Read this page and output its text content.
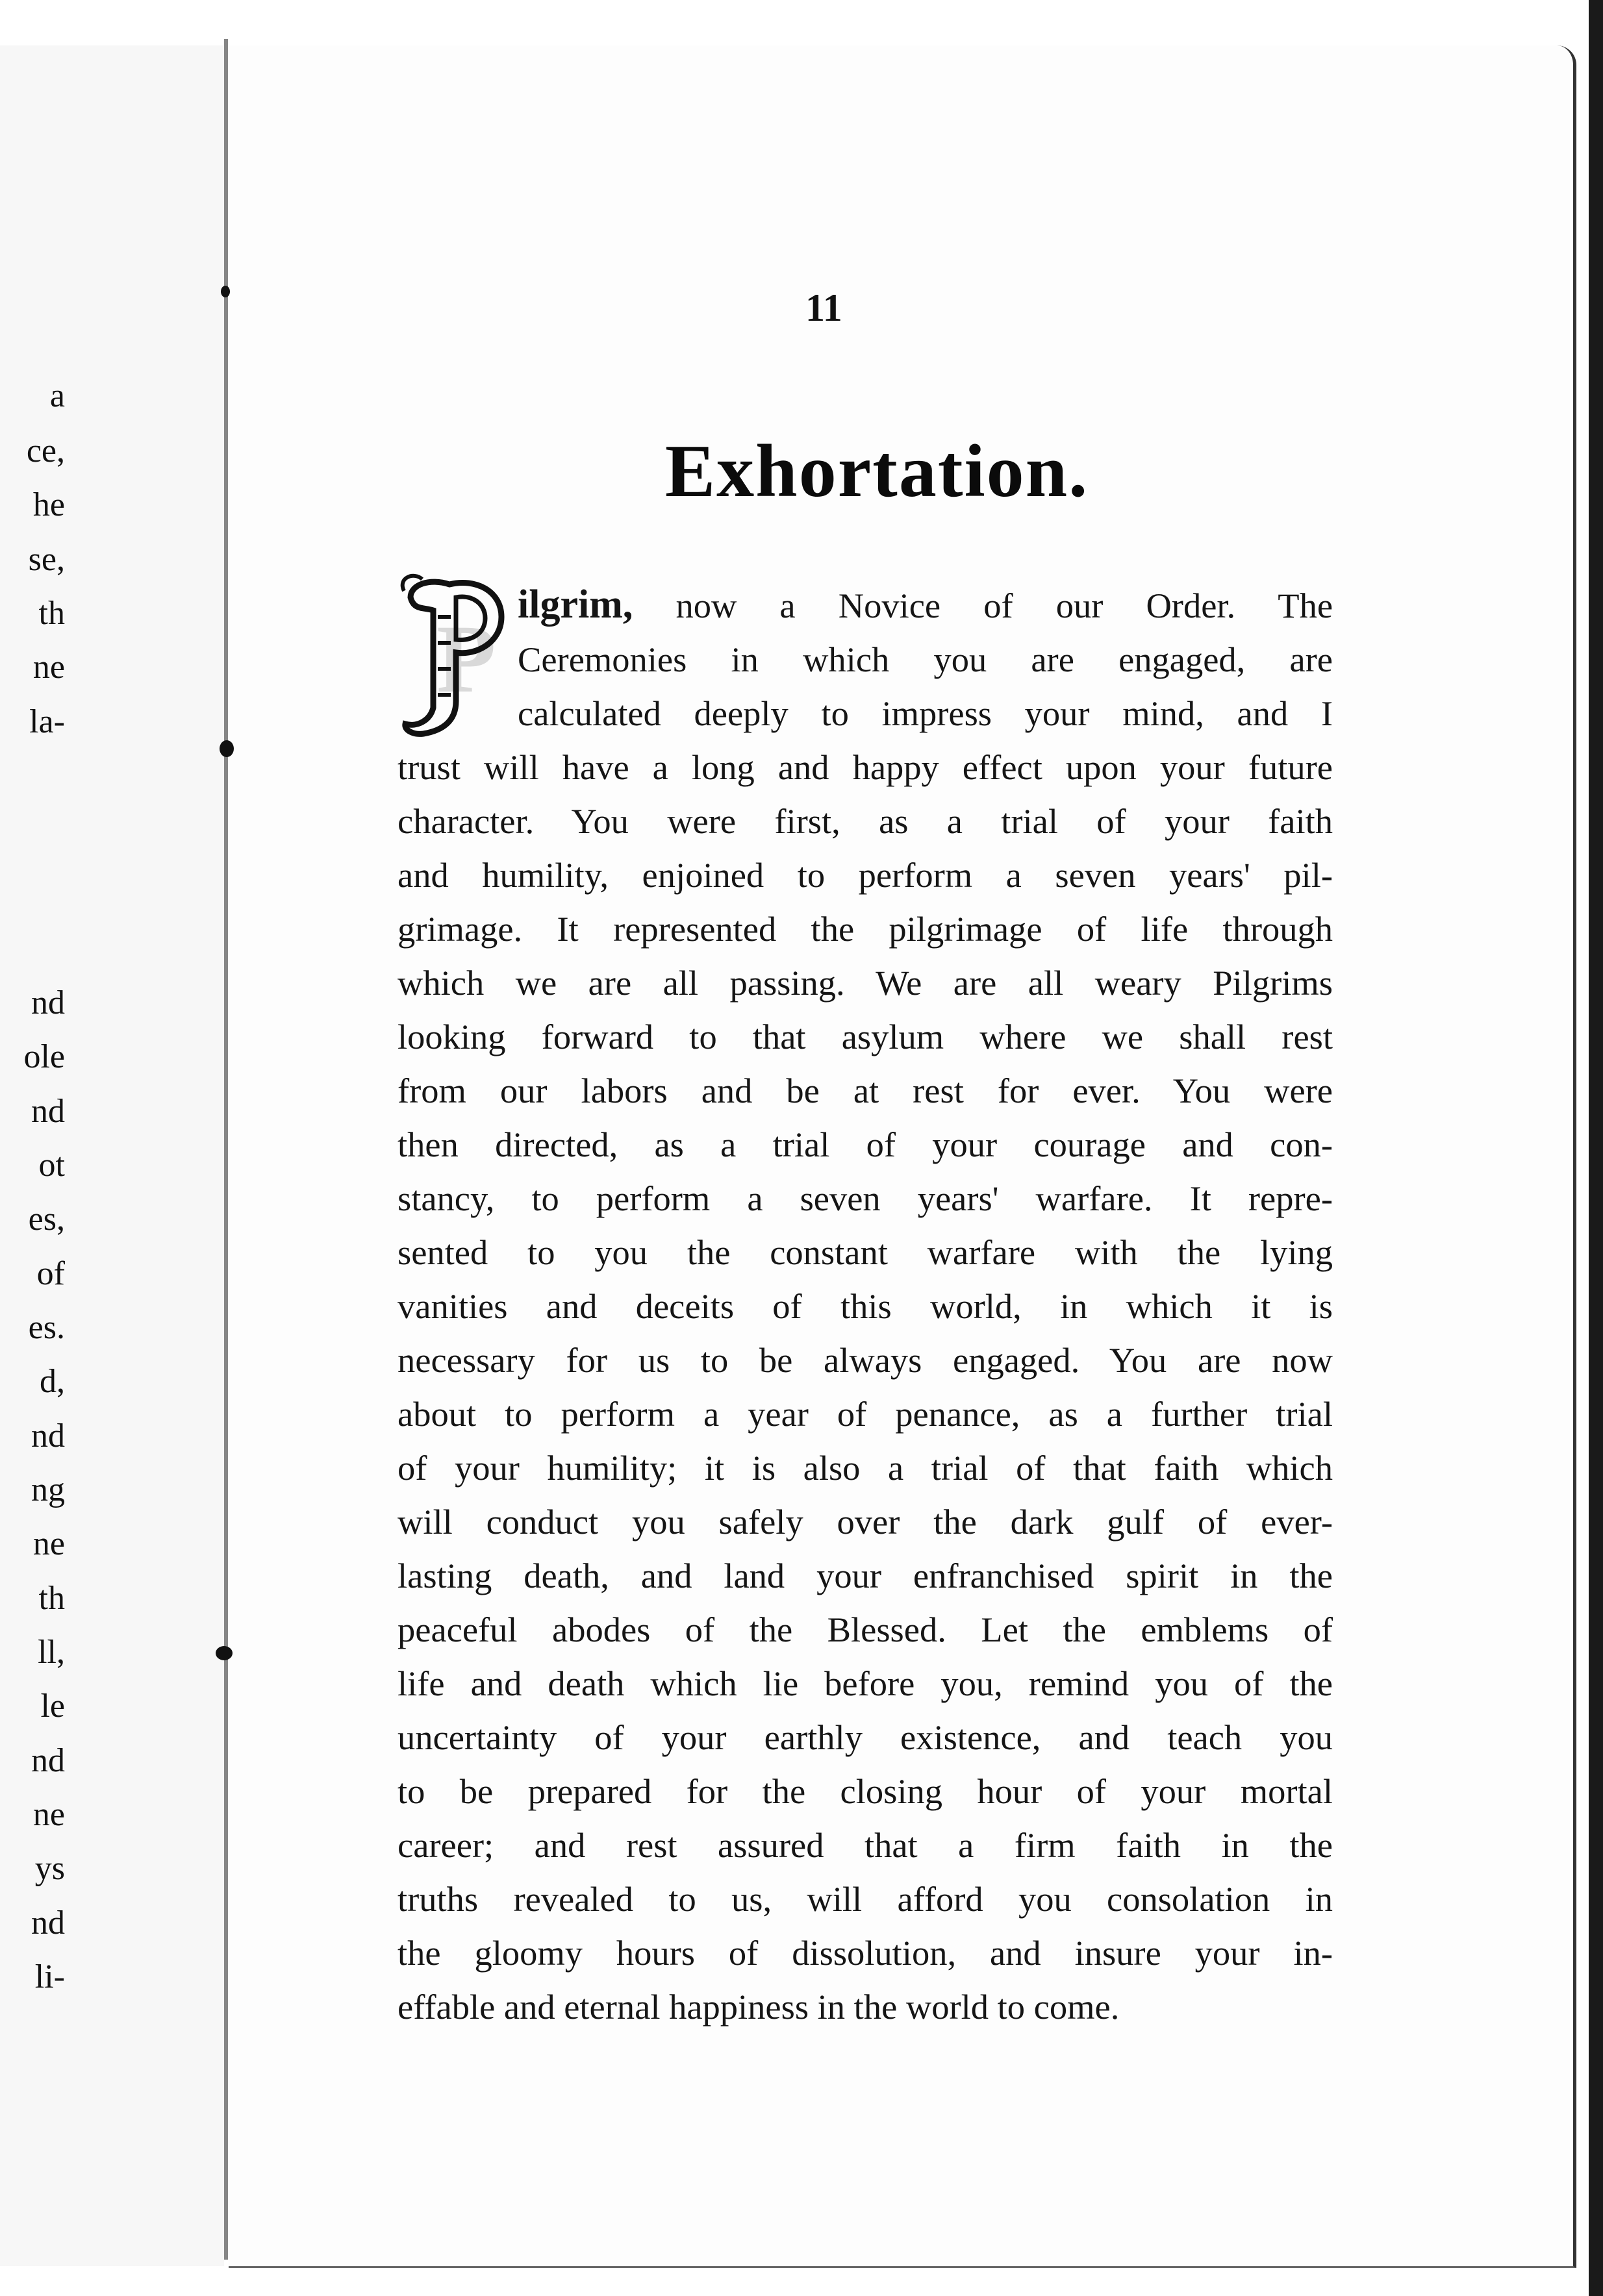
a
ce,
he
se,
th
ne
la-
nd
ole
nd
ot
es,
of
es.
d,
nd
ng
ne
th
ll,
le
nd
ne
ys
nd
li-
11
Exhortation.
P
ilgrim, now a Novice of our Order. The
Ceremonies in which you are engaged, are
calculated deeply to impress your mind, and I
trust will have a long and happy effect upon your future
character. You were first, as a trial of your faith
and humility, enjoined to perform a seven years' pil-
grimage. It represented the pilgrimage of life through
which we are all passing. We are all weary Pilgrims
looking forward to that asylum where we shall rest
from our labors and be at rest for ever. You were
then directed, as a trial of your courage and con-
stancy, to perform a seven years' warfare. It repre-
sented to you the constant warfare with the lying
vanities and deceits of this world, in which it is
necessary for us to be always engaged. You are now
about to perform a year of penance, as a further trial
of your humility; it is also a trial of that faith which
will conduct you safely over the dark gulf of ever-
lasting death, and land your enfranchised spirit in the
peaceful abodes of the Blessed. Let the emblems of
life and death which lie before you, remind you of the
uncertainty of your earthly existence, and teach you
to be prepared for the closing hour of your mortal
career; and rest assured that a firm faith in the
truths revealed to us, will afford you consolation in
the gloomy hours of dissolution, and insure your in-
effable and eternal happiness in the world to come.
